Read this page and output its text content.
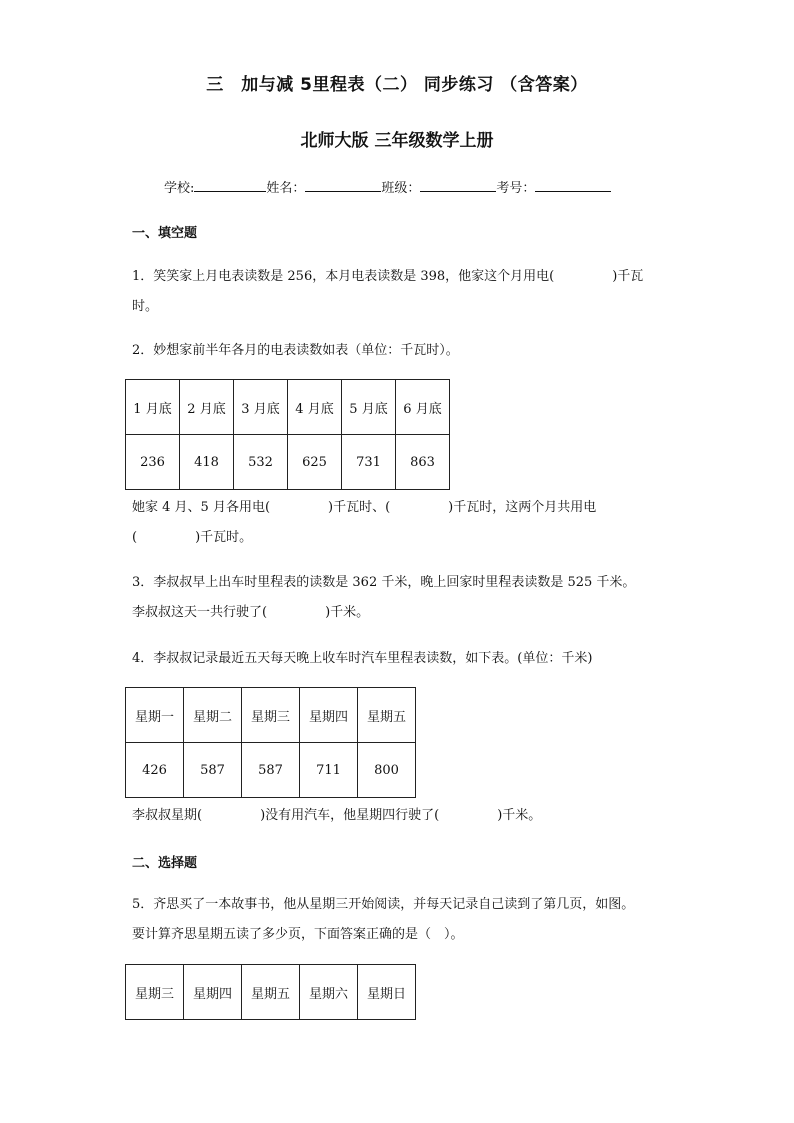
三　加与减 5里程表（二） 同步练习 （含答案）
北师大版 三年级数学上册
学校:	姓名：	班级：	考号：
一、填空题
1．笑笑家上月电表读数是 256，本月电表读数是 398，他家这个月用电(	)千瓦
时。
2．妙想家前半年各月的电表读数如表（单位：千瓦时）。
1 月底	2 月底	3 月底	4 月底	5 月底	6 月底
236	418	532	625	731	863
她家 4 月、5 月各用电(	)千瓦时、(	)千瓦时，这两个月共用电
(	)千瓦时。
3．李叔叔早上出车时里程表的读数是 362 千米，晚上回家时里程表读数是 525 千米。
李叔叔这天一共行驶了(	)千米。
4．李叔叔记录最近五天每天晚上收车时汽车里程表读数，如下表。(单位：千米)
星期一	星期二	星期三	星期四	星期五
426	587	587	711	800
李叔叔星期(	)没有用汽车，他星期四行驶了(	)千米。
二、选择题
5．齐思买了一本故事书，他从星期三开始阅读，并每天记录自己读到了第几页，如图。
要计算齐思星期五读了多少页，下面答案正确的是（　）。
星期三	星期四	星期五	星期六	星期日
